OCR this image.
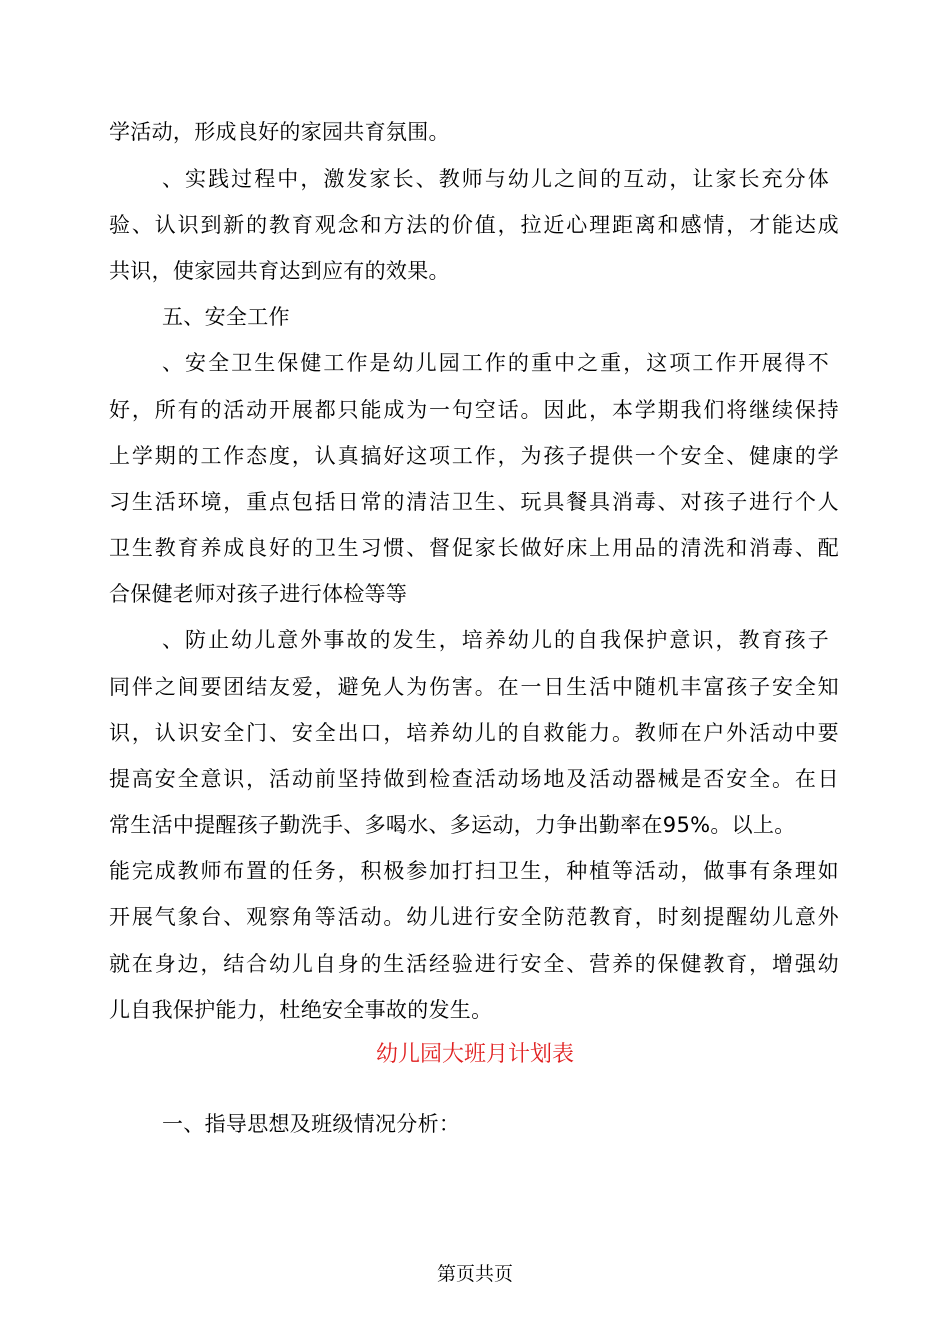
学活动，形成良好的家园共育氛围。
、实践过程中，激发家长、教师与幼儿之间的互动，让家长充分体
验、认识到新的教育观念和方法的价值，拉近心理距离和感情，才能达成
共识，使家园共育达到应有的效果。
五、安全工作
、安全卫生保健工作是幼儿园工作的重中之重，这项工作开展得不
好，所有的活动开展都只能成为一句空话。因此，本学期我们将继续保持
上学期的工作态度，认真搞好这项工作，为孩子提供一个安全、健康的学
习生活环境，重点包括日常的清洁卫生、玩具餐具消毒、对孩子进行个人
卫生教育养成良好的卫生习惯、督促家长做好床上用品的清洗和消毒、配
合保健老师对孩子进行体检等等
、防止幼儿意外事故的发生，培养幼儿的自我保护意识，教育孩子
同伴之间要团结友爱，避免人为伤害。在一日生活中随机丰富孩子安全知
识，认识安全门、安全出口，培养幼儿的自救能力。教师在户外活动中要
提高安全意识，活动前坚持做到检查活动场地及活动器械是否安全。在日
常生活中提醒孩子勤洗手、多喝水、多运动，力争出勤率在95%。以上。
能完成教师布置的任务，积极参加打扫卫生，种植等活动，做事有条理如
开展气象台、观察角等活动。幼儿进行安全防范教育，时刻提醒幼儿意外
就在身边，结合幼儿自身的生活经验进行安全、营养的保健教育，增强幼
儿自我保护能力，杜绝安全事故的发生。
幼儿园大班月计划表
一、指导思想及班级情况分析：
第页共页
